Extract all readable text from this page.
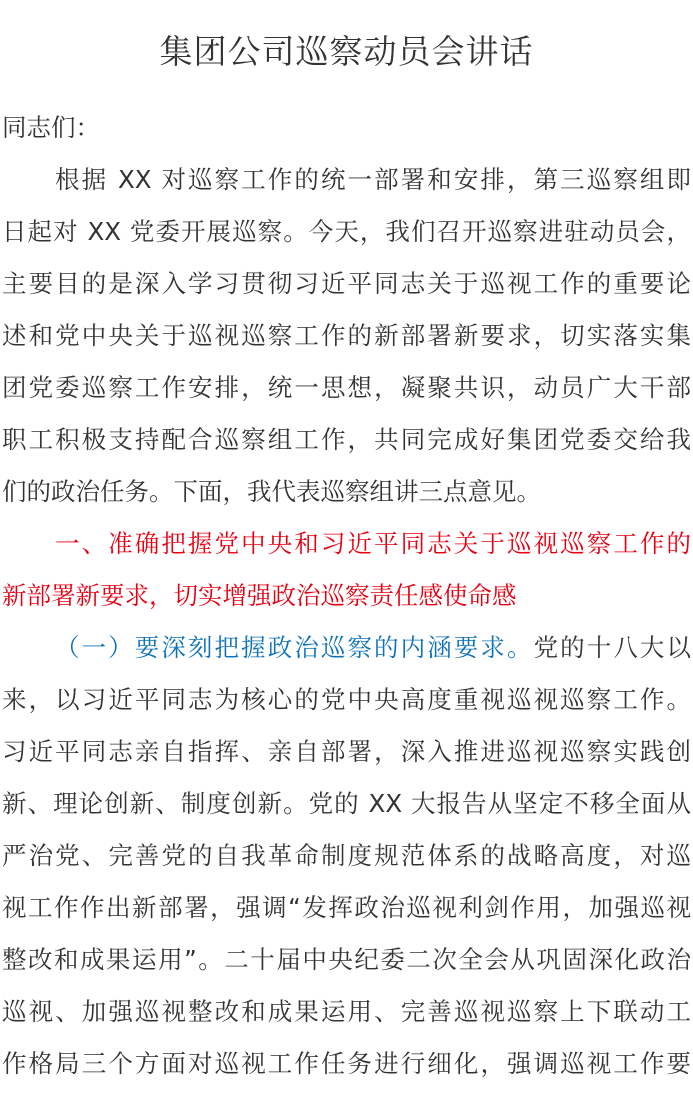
集团公司巡察动员会讲话
同志们：
根据 XX 对巡察工作的统一部署和安排，第三巡察组即
日起对 XX 党委开展巡察。今天，我们召开巡察进驻动员会，
主要目的是深入学习贯彻习近平同志关于巡视工作的重要论
述和党中央关于巡视巡察工作的新部署新要求，切实落实集
团党委巡察工作安排，统一思想，凝聚共识，动员广大干部
职工积极支持配合巡察组工作，共同完成好集团党委交给我
们的政治任务。下面，我代表巡察组讲三点意见。
一、准确把握党中央和习近平同志关于巡视巡察工作的
新部署新要求，切实增强政治巡察责任感使命感
（一）要深刻把握政治巡察的内涵要求。党的十八大以
来，以习近平同志为核心的党中央高度重视巡视巡察工作。
习近平同志亲自指挥、亲自部署，深入推进巡视巡察实践创
新、理论创新、制度创新。党的 XX 大报告从坚定不移全面从
严治党、完善党的自我革命制度规范体系的战略高度，对巡
视工作作出新部署，强调“发挥政治巡视利剑作用，加强巡视
整改和成果运用”。二十届中央纪委二次全会从巩固深化政治
巡视、加强巡视整改和成果运用、完善巡视巡察上下联动工
作格局三个方面对巡视工作任务进行细化，强调巡视工作要
